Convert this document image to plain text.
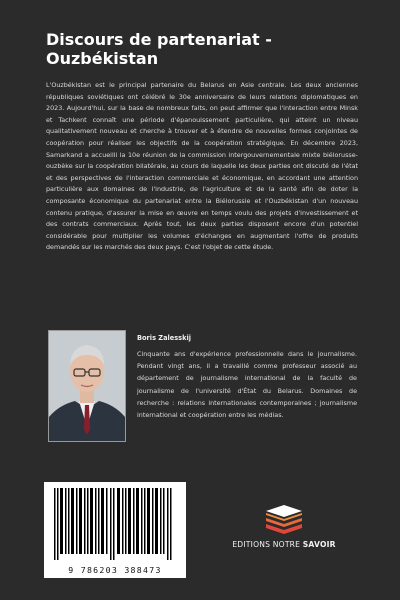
Discours de partenariat - Ouzbékistan
L'Ouzbékistan est le principal partenaire du Belarus en Asie centrale. Les deux anciennes républiques soviétiques ont célébré le 30e anniversaire de leurs relations diplomatiques en 2023. Aujourd'hui, sur la base de nombreux faits, on peut affirmer que l'interaction entre Minsk et Tachkent connaît une période d'épanouissement particulière, qui atteint un niveau qualitativement nouveau et cherche à trouver et à étendre de nouvelles formes conjointes de coopération pour réaliser les objectifs de la coopération stratégique. En décembre 2023, Samarkand a accueilli la 10e réunion de la commission intergouvernementale mixte biélorusse-ouzbèke sur la coopération bilatérale, au cours de laquelle les deux parties ont discuté de l'état et des perspectives de l'interaction commerciale et économique, en accordant une attention particulière aux domaines de l'industrie, de l'agriculture et de la santé afin de doter la composante économique du partenariat entre la Biélorussie et l'Ouzbékistan d'un nouveau contenu pratique, d'assurer la mise en œuvre en temps voulu des projets d'investissement et des contrats commerciaux. Après tout, les deux parties disposent encore d'un potentiel considérable pour multiplier les volumes d'échanges en augmentant l'offre de produits demandés sur les marchés des deux pays. C'est l'objet de cette étude.
Boris Zalesskij
Cinquante ans d'expérience professionnelle dans le journalisme. Pendant vingt ans, il a travaillé comme professeur associé au département de journalisme international de la faculté de journalisme de l'université d'État du Belarus. Domaines de recherche : relations internationales contemporaines ; journalisme international et coopération entre les médias.
9 786203 388473
EDITIONS NOTRE SAVOIR
